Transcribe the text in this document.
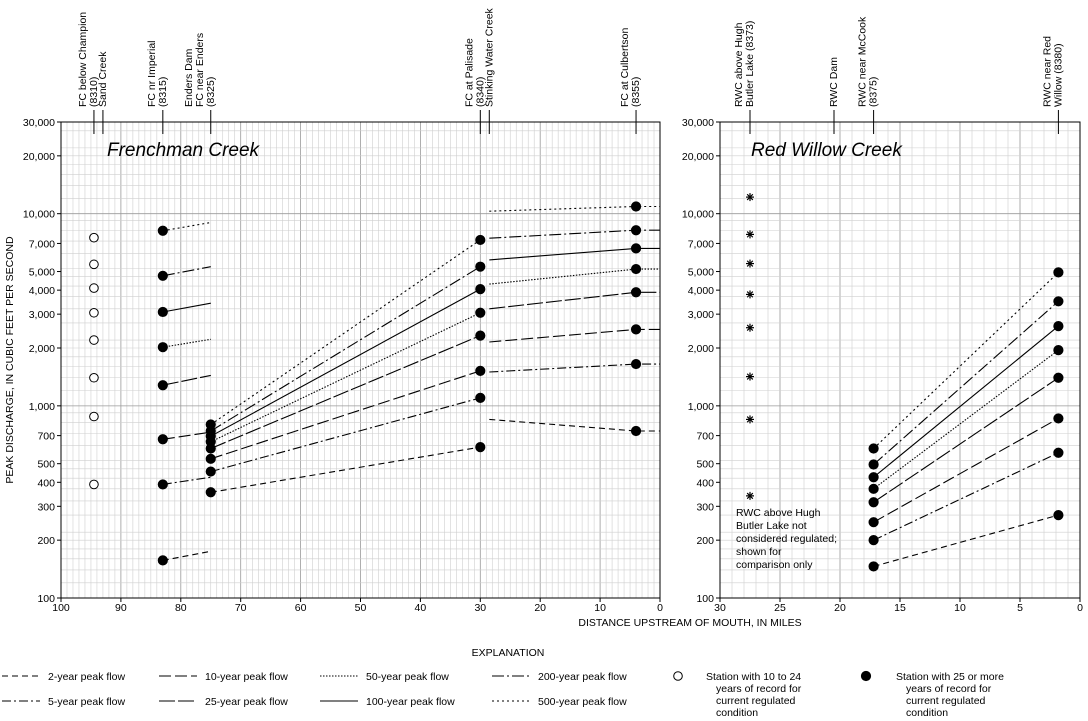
100	90	80	70	60	50	40	30	20	10	0
100
200
300
400
500
700
1,000
2,000
3,000
4,000
5,000
7,000
10,000
20,000
30,000
FC below Champion (8310)
Sand Creek	FC nr Imperial (8315) Enders Dam FC near Enders (8325)	FC at Palisade (8340)
Stinking Water Creek	FC at Culbertson (8355)
Frenchman Creek
30	25	20	15	10	5	0
100
200
300
400
500
700
1,000
2,000
3,000
4,000
5,000
7,000
10,000
20,000
30,000
RWC above Hugh Butler Lake (8373)	RWC Dam RWC near McCook (8375)	RWC near Red Willow (8380)
Red Willow Creek
RWC above Hugh Butler Lake not considered regulated; shown for comparison only
PEAK DISCHARGE, IN CUBIC FEET PER SECOND
DISTANCE UPSTREAM OF MOUTH, IN MILES
EXPLANATION
2-year peak flow
5-year peak flow
10-year peak flow
25-year peak flow
50-year peak flow
100-year peak flow
200-year peak flow
500-year peak flow
Station with 10 to 24
years of record for
current regulated
condition
Station with 25 or more
years of record for
current regulated
condition
